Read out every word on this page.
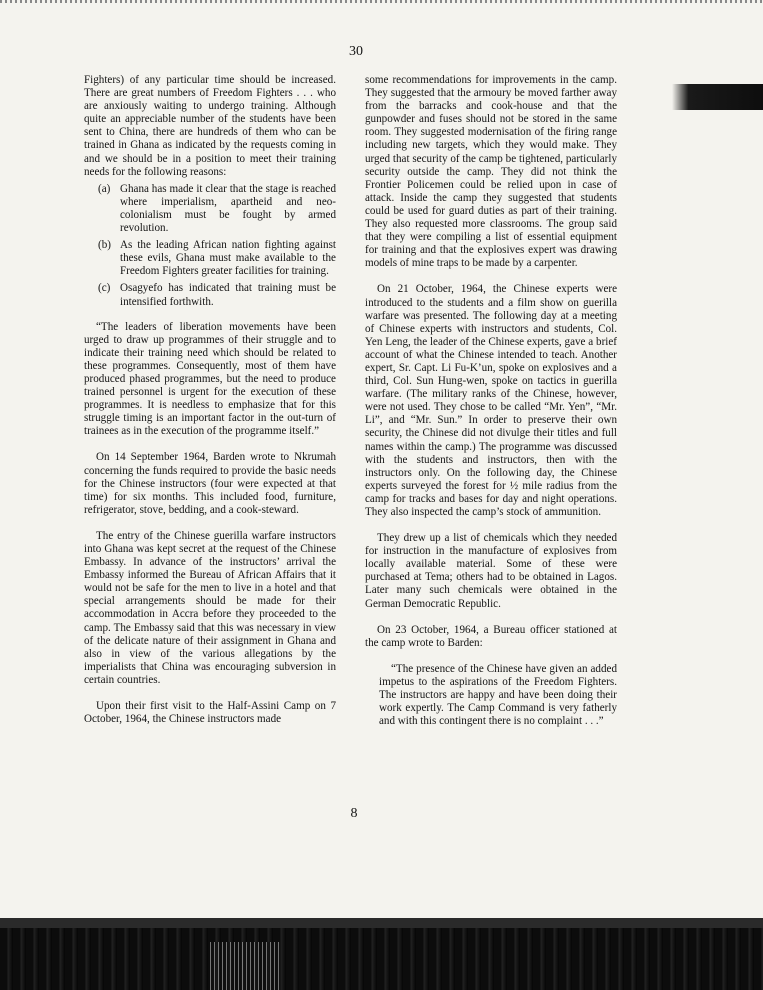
30

Fighters) of any particular time should be increased. There are great numbers of Freedom Fighters . . . who are anxiously waiting to undergo training. Although quite an appreciable number of the students have been sent to China, there are hundreds of them who can be trained in Ghana as indicated by the requests coming in and we should be in a position to meet their training needs for the following reasons:

(a) Ghana has made it clear that the stage is reached where imperialism, apartheid and neo-colonialism must be fought by armed revolution.
(b) As the leading African nation fighting against these evils, Ghana must make available to the Freedom Fighters greater facilities for training.
(c) Osagyefo has indicated that training must be intensified forthwith.

“The leaders of liberation movements have been urged to draw up programmes of their struggle and to indicate their training need which should be related to these programmes. Consequently, most of them have produced phased programmes, but the need to produce trained personnel is urgent for the execution of these programmes. It is needless to emphasize that for this struggle timing is an important factor in the out-turn of trainees as in the execution of the programme itself.”

On 14 September 1964, Barden wrote to Nkrumah concerning the funds required to provide the basic needs for the Chinese instructors (four were expected at that time) for six months. This included food, furniture, refrigerator, stove, bedding, and a cook-steward.

The entry of the Chinese guerilla warfare instructors into Ghana was kept secret at the request of the Chinese Embassy. In advance of the instructors’ arrival the Embassy informed the Bureau of African Affairs that it would not be safe for the men to live in a hotel and that special arrangements should be made for their accommodation in Accra before they proceeded to the camp. The Embassy said that this was necessary in view of the delicate nature of their assignment in Ghana and also in view of the various allegations by the imperialists that China was encouraging subversion in certain countries.

Upon their first visit to the Half-Assini Camp on 7 October, 1964, the Chinese instructors made

some recommendations for improvements in the camp. They suggested that the armoury be moved farther away from the barracks and cook-house and that the gunpowder and fuses should not be stored in the same room. They suggested modernisation of the firing range including new targets, which they would make. They urged that security of the camp be tightened, particularly security outside the camp. They did not think the Frontier Policemen could be relied upon in case of attack. Inside the camp they suggested that students could be used for guard duties as part of their training. They also requested more classrooms. The group said that they were compiling a list of essential equipment for training and that the explosives expert was drawing models of mine traps to be made by a carpenter.

On 21 October, 1964, the Chinese experts were introduced to the students and a film show on guerilla warfare was presented. The following day at a meeting of Chinese experts with instructors and students, Col. Yen Leng, the leader of the Chinese experts, gave a brief account of what the Chinese intended to teach. Another expert, Sr. Capt. Li Fu-K’un, spoke on explosives and a third, Col. Sun Hung-wen, spoke on tactics in guerilla warfare. (The military ranks of the Chinese, however, were not used. They chose to be called “Mr. Yen”, “Mr. Li”, and “Mr. Sun.” In order to preserve their own security, the Chinese did not divulge their titles and full names within the camp.) The programme was discussed with the students and instructors, then with the instructors only. On the following day, the Chinese experts surveyed the forest for ½ mile radius from the camp for tracks and bases for day and night operations. They also inspected the camp’s stock of ammunition.

They drew up a list of chemicals which they needed for instruction in the manufacture of explosives from locally available material. Some of these were purchased at Tema; others had to be obtained in Lagos. Later many such chemicals were obtained in the German Democratic Republic.

On 23 October, 1964, a Bureau officer stationed at the camp wrote to Barden:

“The presence of the Chinese have given an added impetus to the aspirations of the Freedom Fighters. The instructors are happy and have been doing their work expertly. The Camp Command is very fatherly and with this contingent there is no complaint . . .”

8
